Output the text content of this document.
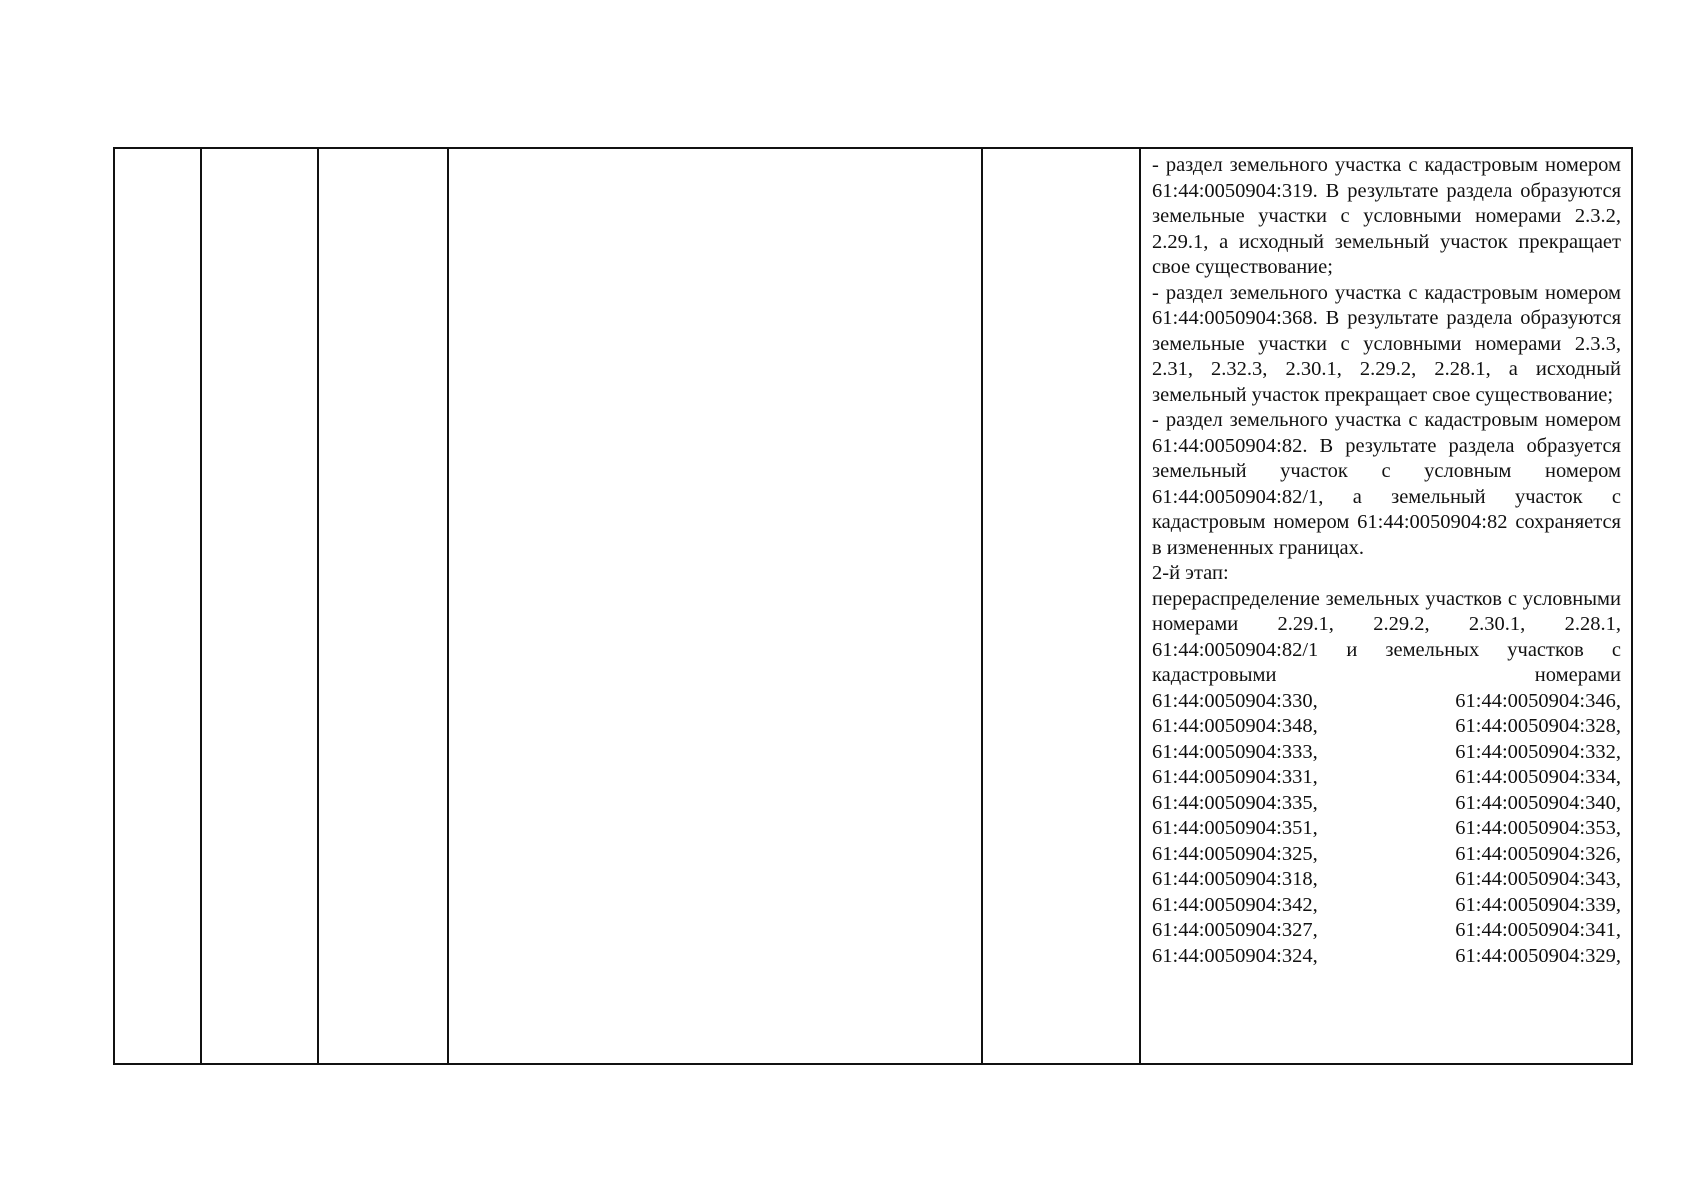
- раздел земельного участка с кадастровым номером 61:44:0050904:319. В результате раздела образуются земельные участки с условными номерами 2.3.2, 2.29.1, а исходный земельный участок прекращает свое существование;

- раздел земельного участка с кадастровым номером 61:44:0050904:368. В результате раздела образуются земельные участки с условными номерами 2.3.3, 2.31, 2.32.3, 2.30.1, 2.29.2, 2.28.1, а исходный земельный участок прекращает свое существование;

- раздел земельного участка с кадастровым номером 61:44:0050904:82. В результате раздела образуется земельный участок с условным номером 61:44:0050904:82/1, а земельный участок с кадастровым номером 61:44:0050904:82 сохраняется в измененных границах.

2-й этап:

перераспределение земельных участков с условными номерами 2.29.1, 2.29.2, 2.30.1, 2.28.1, 61:44:0050904:82/1 и земельных участков с кадастровыми номерами

61:44:0050904:330,	61:44:0050904:346,
61:44:0050904:348,	61:44:0050904:328,
61:44:0050904:333,	61:44:0050904:332,
61:44:0050904:331,	61:44:0050904:334,
61:44:0050904:335,	61:44:0050904:340,
61:44:0050904:351,	61:44:0050904:353,
61:44:0050904:325,	61:44:0050904:326,
61:44:0050904:318,	61:44:0050904:343,
61:44:0050904:342,	61:44:0050904:339,
61:44:0050904:327,	61:44:0050904:341,
61:44:0050904:324,	61:44:0050904:329,
